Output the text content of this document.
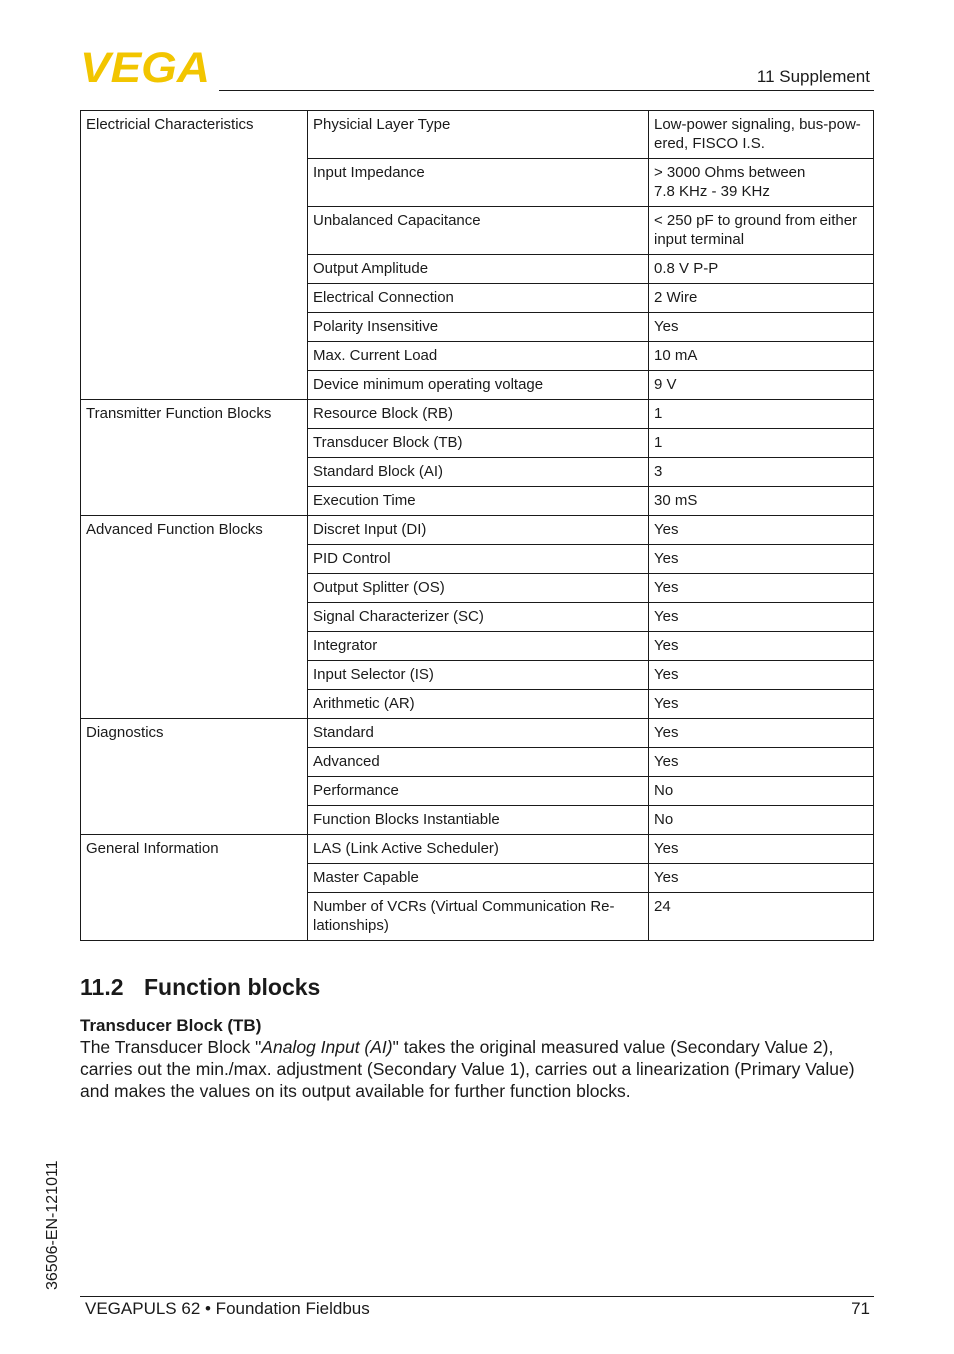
VEGA	11 Supplement
Electricial Characteristics	Physicial Layer Type	Low-power signaling, bus-pow-
ered, FISCO I.S.
	Input Impedance	> 3000 Ohms between
7.8 KHz - 39 KHz
	Unbalanced Capacitance	< 250 pF to ground from either
input terminal
	Output Amplitude	0.8 V P-P
	Electrical Connection	2 Wire
	Polarity Insensitive	Yes
	Max. Current Load	10 mA
	Device minimum operating voltage	9 V
Transmitter Function Blocks	Resource Block (RB)	1
	Transducer Block (TB)	1
	Standard Block (AI)	3
	Execution Time	30 mS
Advanced Function Blocks	Discret Input (DI)	Yes
	PID Control	Yes
	Output Splitter (OS)	Yes
	Signal Characterizer (SC)	Yes
	Integrator	Yes
	Input Selector (IS)	Yes
	Arithmetic (AR)	Yes
Diagnostics	Standard	Yes
	Advanced	Yes
	Performance	No
	Function Blocks Instantiable	No
General Information	LAS (Link Active Scheduler)	Yes
	Master Capable	Yes
	Number of VCRs (Virtual Communication Re-
lationships)	24
11.2 Function blocks
Transducer Block (TB)

The Transducer Block "Analog Input (AI)" takes the original measured value (Secondary Value 2), carries out the min./max. adjustment (Secondary Value 1), carries out a linearization (Primary Value) and makes the values on its output available for further function blocks.

36506-EN-121011
VEGAPULS 62 • Foundation Fieldbus	71
